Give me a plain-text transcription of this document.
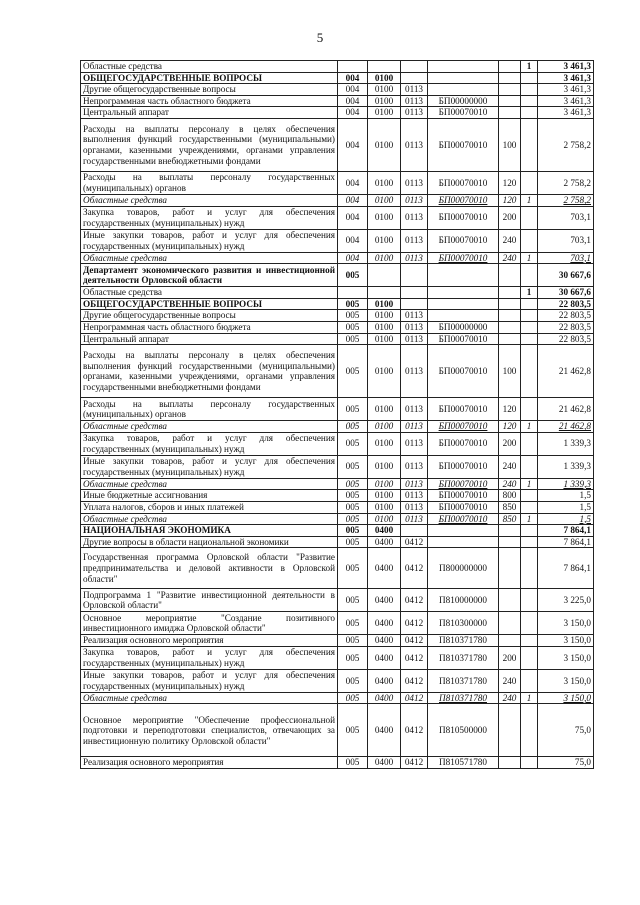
5
Областные средства						1	3 461,3
ОБЩЕГОСУДАРСТВЕННЫЕ ВОПРОСЫ	004	0100					3 461,3
Другие общегосударственные вопросы	004	0100	0113				3 461,3
Непрограммная часть областного бюджета	004	0100	0113	БП00000000			3 461,3
Центральный аппарат	004	0100	0113	БП00070010			3 461,3
Расходы на выплаты персоналу в целях обеспечения выполнения функций государственными (муниципальными) органами, казенными учреждениями, органами управления государственными внебюджетными фондами	004	0100	0113	БП00070010	100		2 758,2
Расходы на выплаты персоналу государственных (муниципальных) органов	004	0100	0113	БП00070010	120		2 758,2
Областные средства	004	0100	0113	БП00070010	120	1	2 758,2
Закупка товаров, работ и услуг для обеспечения государственных (муниципальных) нужд	004	0100	0113	БП00070010	200		703,1
Иные закупки товаров, работ и услуг для обеспечения государственных (муниципальных) нужд	004	0100	0113	БП00070010	240		703,1
Областные средства	004	0100	0113	БП00070010	240	1	703,1
Департамент экономического развития и инвестиционной деятельности Орловской области	005						30 667,6
Областные средства						1	30 667,6
ОБЩЕГОСУДАРСТВЕННЫЕ ВОПРОСЫ	005	0100					22 803,5
Другие общегосударственные вопросы	005	0100	0113				22 803,5
Непрограммная часть областного бюджета	005	0100	0113	БП00000000			22 803,5
Центральный аппарат	005	0100	0113	БП00070010			22 803,5
Расходы на выплаты персоналу в целях обеспечения выполнения функций государственными (муниципальными) органами, казенными учреждениями, органами управления государственными внебюджетными фондами	005	0100	0113	БП00070010	100		21 462,8
Расходы на выплаты персоналу государственных (муниципальных) органов	005	0100	0113	БП00070010	120		21 462,8
Областные средства	005	0100	0113	БП00070010	120	1	21 462,8
Закупка товаров, работ и услуг для обеспечения государственных (муниципальных) нужд	005	0100	0113	БП00070010	200		1 339,3
Иные закупки товаров, работ и услуг для обеспечения государственных (муниципальных) нужд	005	0100	0113	БП00070010	240		1 339,3
Областные средства	005	0100	0113	БП00070010	240	1	1 339,3
Иные бюджетные ассигнования	005	0100	0113	БП00070010	800		1,5
Уплата налогов, сборов и иных платежей	005	0100	0113	БП00070010	850		1,5
Областные средства	005	0100	0113	БП00070010	850	1	1,5
НАЦИОНАЛЬНАЯ ЭКОНОМИКА	005	0400					7 864,1
Другие вопросы в области национальной экономики	005	0400	0412				7 864,1
Государственная программа Орловской области "Развитие предпринимательства и деловой активности в Орловской области"	005	0400	0412	П800000000			7 864,1
Подпрограмма 1 "Развитие инвестиционной деятельности в Орловской области"	005	0400	0412	П810000000			3 225,0
Основное мероприятие "Создание позитивного инвестиционного имиджа Орловской области"	005	0400	0412	П810300000			3 150,0
Реализация основного мероприятия	005	0400	0412	П810371780			3 150,0
Закупка товаров, работ и услуг для обеспечения государственных (муниципальных) нужд	005	0400	0412	П810371780	200		3 150,0
Иные закупки товаров, работ и услуг для обеспечения государственных (муниципальных) нужд	005	0400	0412	П810371780	240		3 150,0
Областные средства	005	0400	0412	П810371780	240	1	3 150,0
Основное мероприятие "Обеспечение профессиональной подготовки и переподготовки специалистов, отвечающих за инвестиционную политику Орловской области"	005	0400	0412	П810500000			75,0
Реализация основного мероприятия	005	0400	0412	П810571780			75,0
